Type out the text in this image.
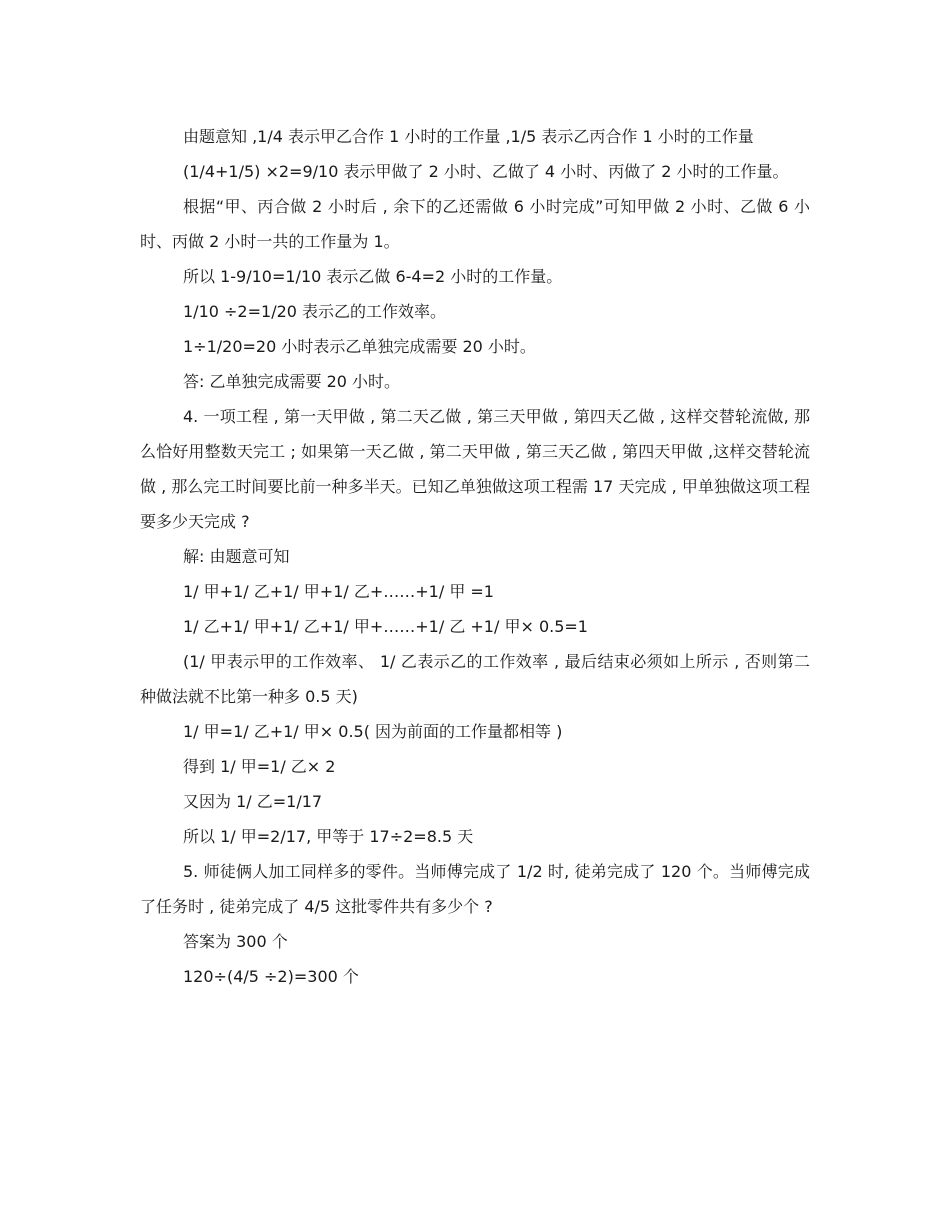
由题意知 ,1/4 表示甲乙合作 1 小时的工作量 ,1/5 表示乙丙合作 1 小时的工作量

(1/4+1/5) ×2=9/10 表示甲做了 2 小时、乙做了 4 小时、丙做了 2 小时的工作量。

根据“甲、丙合做 2 小时后 , 余下的乙还需做 6 小时完成”可知甲做 2 小时、乙做 6 小时、丙做 2 小时一共的工作量为 1。

所以 1-9/10=1/10 表示乙做 6-4=2 小时的工作量。

1/10 ÷2=1/20 表示乙的工作效率。

1÷1/20=20 小时表示乙单独完成需要 20 小时。

答: 乙单独完成需要 20 小时。

4. 一项工程 , 第一天甲做 , 第二天乙做 , 第三天甲做 , 第四天乙做 , 这样交替轮流做, 那么恰好用整数天完工 ; 如果第一天乙做 , 第二天甲做 , 第三天乙做 , 第四天甲做 ,这样交替轮流做 , 那么完工时间要比前一种多半天。已知乙单独做这项工程需 17 天完成 , 甲单独做这项工程要多少天完成 ?

解: 由题意可知

1/ 甲+1/ 乙+1/ 甲+1/ 乙+……+1/ 甲 =1

1/ 乙+1/ 甲+1/ 乙+1/ 甲+……+1/ 乙 +1/ 甲× 0.5=1

(1/ 甲表示甲的工作效率、 1/ 乙表示乙的工作效率 , 最后结束必须如上所示 , 否则第二种做法就不比第一种多 0.5 天)

1/ 甲=1/ 乙+1/ 甲× 0.5( 因为前面的工作量都相等 )

得到 1/ 甲=1/ 乙× 2

又因为 1/ 乙=1/17

所以 1/ 甲=2/17, 甲等于 17÷2=8.5 天

5. 师徒俩人加工同样多的零件。当师傅完成了 1/2 时, 徒弟完成了 120 个。当师傅完成了任务时 , 徒弟完成了 4/5 这批零件共有多少个 ?

答案为 300 个

120÷(4/5 ÷2)=300 个
